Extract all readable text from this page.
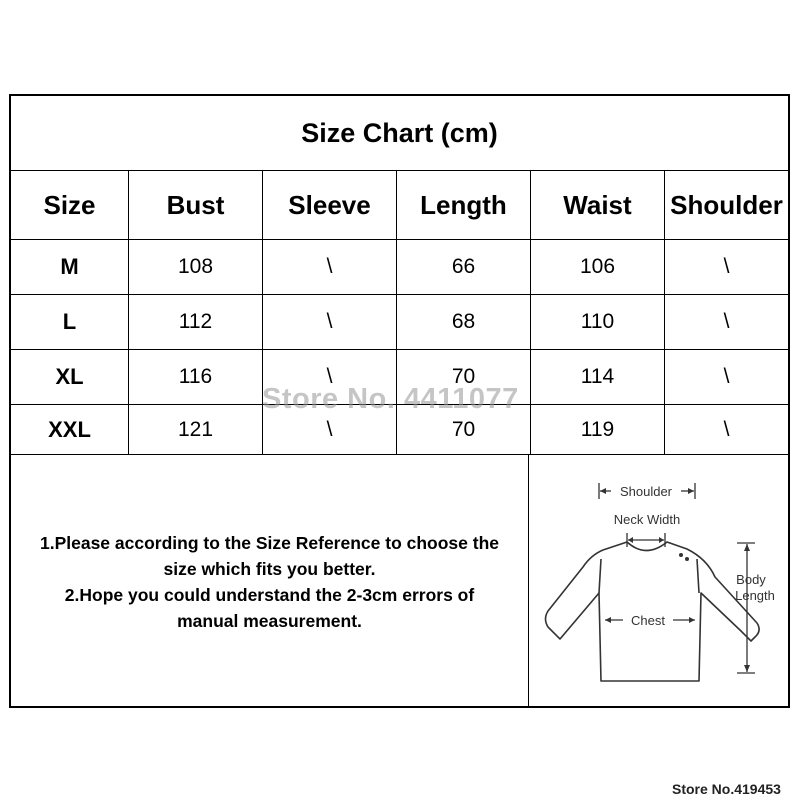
Size Chart (cm)
Size	Bust	Sleeve	Length	Waist	Shoulder
M	108	\	66	106	\
L	112	\	68	110	\
XL	116	\	70	114	\
XXL	121	\	70	119	\
1.Please according to the Size Reference to choose the
size which fits you better.
2.Hope you could understand the 2-3cm errors of
manual measurement.
Shoulder
Neck Width
Chest
Body
Length
Store No. 4411077
Store No.419453
